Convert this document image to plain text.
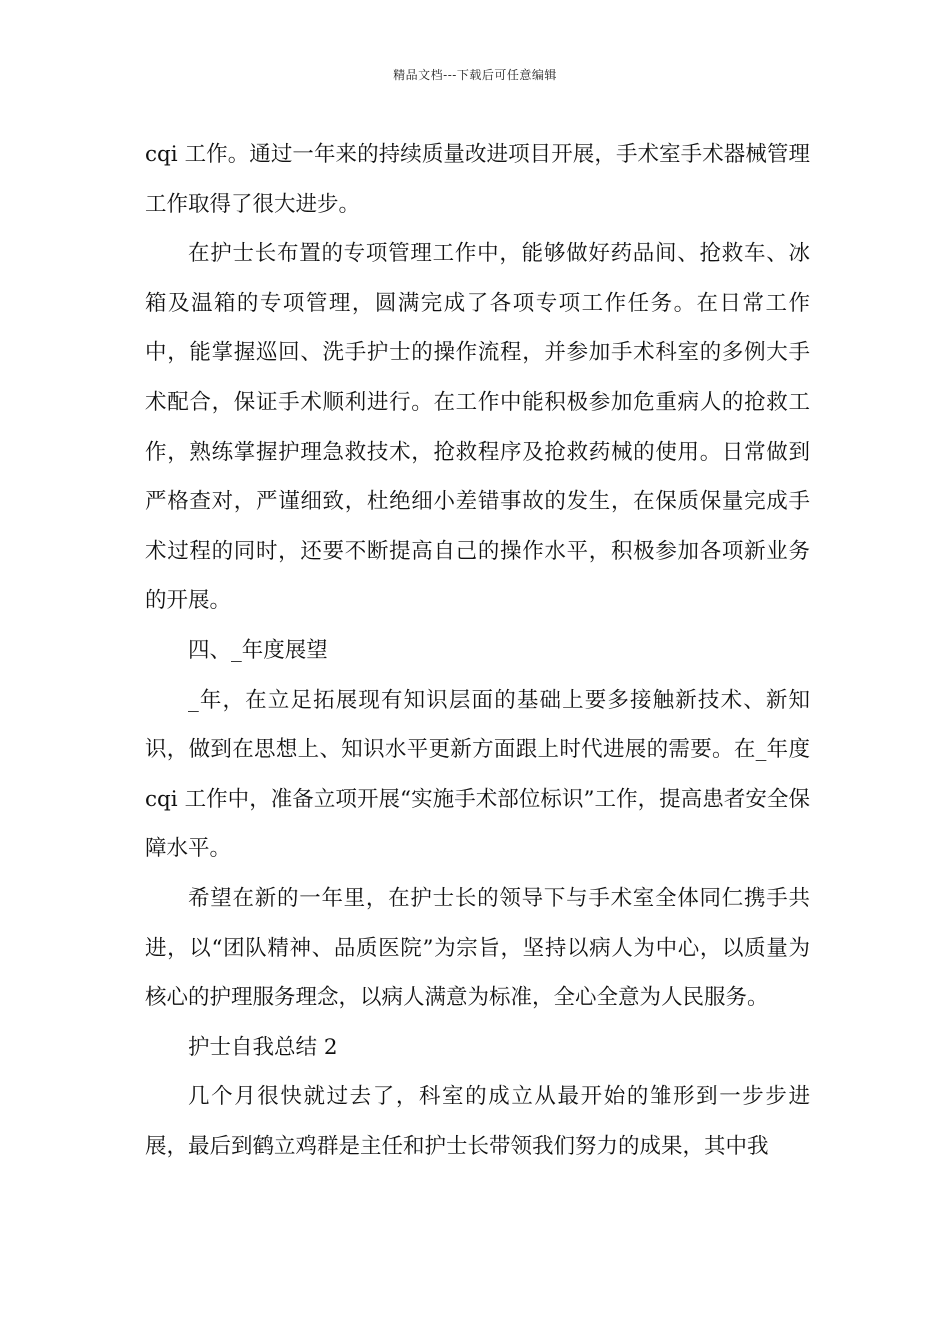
精品文档---下载后可任意编辑

cqi 工作。通过一年来的持续质量改进项目开展，手术室手术器械管理工作取得了很大进步。

在护士长布置的专项管理工作中，能够做好药品间、抢救车、冰箱及温箱的专项管理，圆满完成了各项专项工作任务。在日常工作中，能掌握巡回、洗手护士的操作流程，并参加手术科室的多例大手术配合，保证手术顺利进行。在工作中能积极参加危重病人的抢救工作，熟练掌握护理急救技术，抢救程序及抢救药械的使用。日常做到严格查对，严谨细致，杜绝细小差错事故的发生，在保质保量完成手术过程的同时，还要不断提高自己的操作水平，积极参加各项新业务的开展。

四、_年度展望

_年，在立足拓展现有知识层面的基础上要多接触新技术、新知识，做到在思想上、知识水平更新方面跟上时代进展的需要。在_年度 cqi 工作中，准备立项开展“实施手术部位标识”工作，提高患者安全保障水平。

希望在新的一年里，在护士长的领导下与手术室全体同仁携手共进，以“团队精神、品质医院”为宗旨，坚持以病人为中心，以质量为核心的护理服务理念，以病人满意为标准，全心全意为人民服务。

护士自我总结 2

几个月很快就过去了，科室的成立从最开始的雏形到一步步进展，最后到鹤立鸡群是主任和护士长带领我们努力的成果，其中我
